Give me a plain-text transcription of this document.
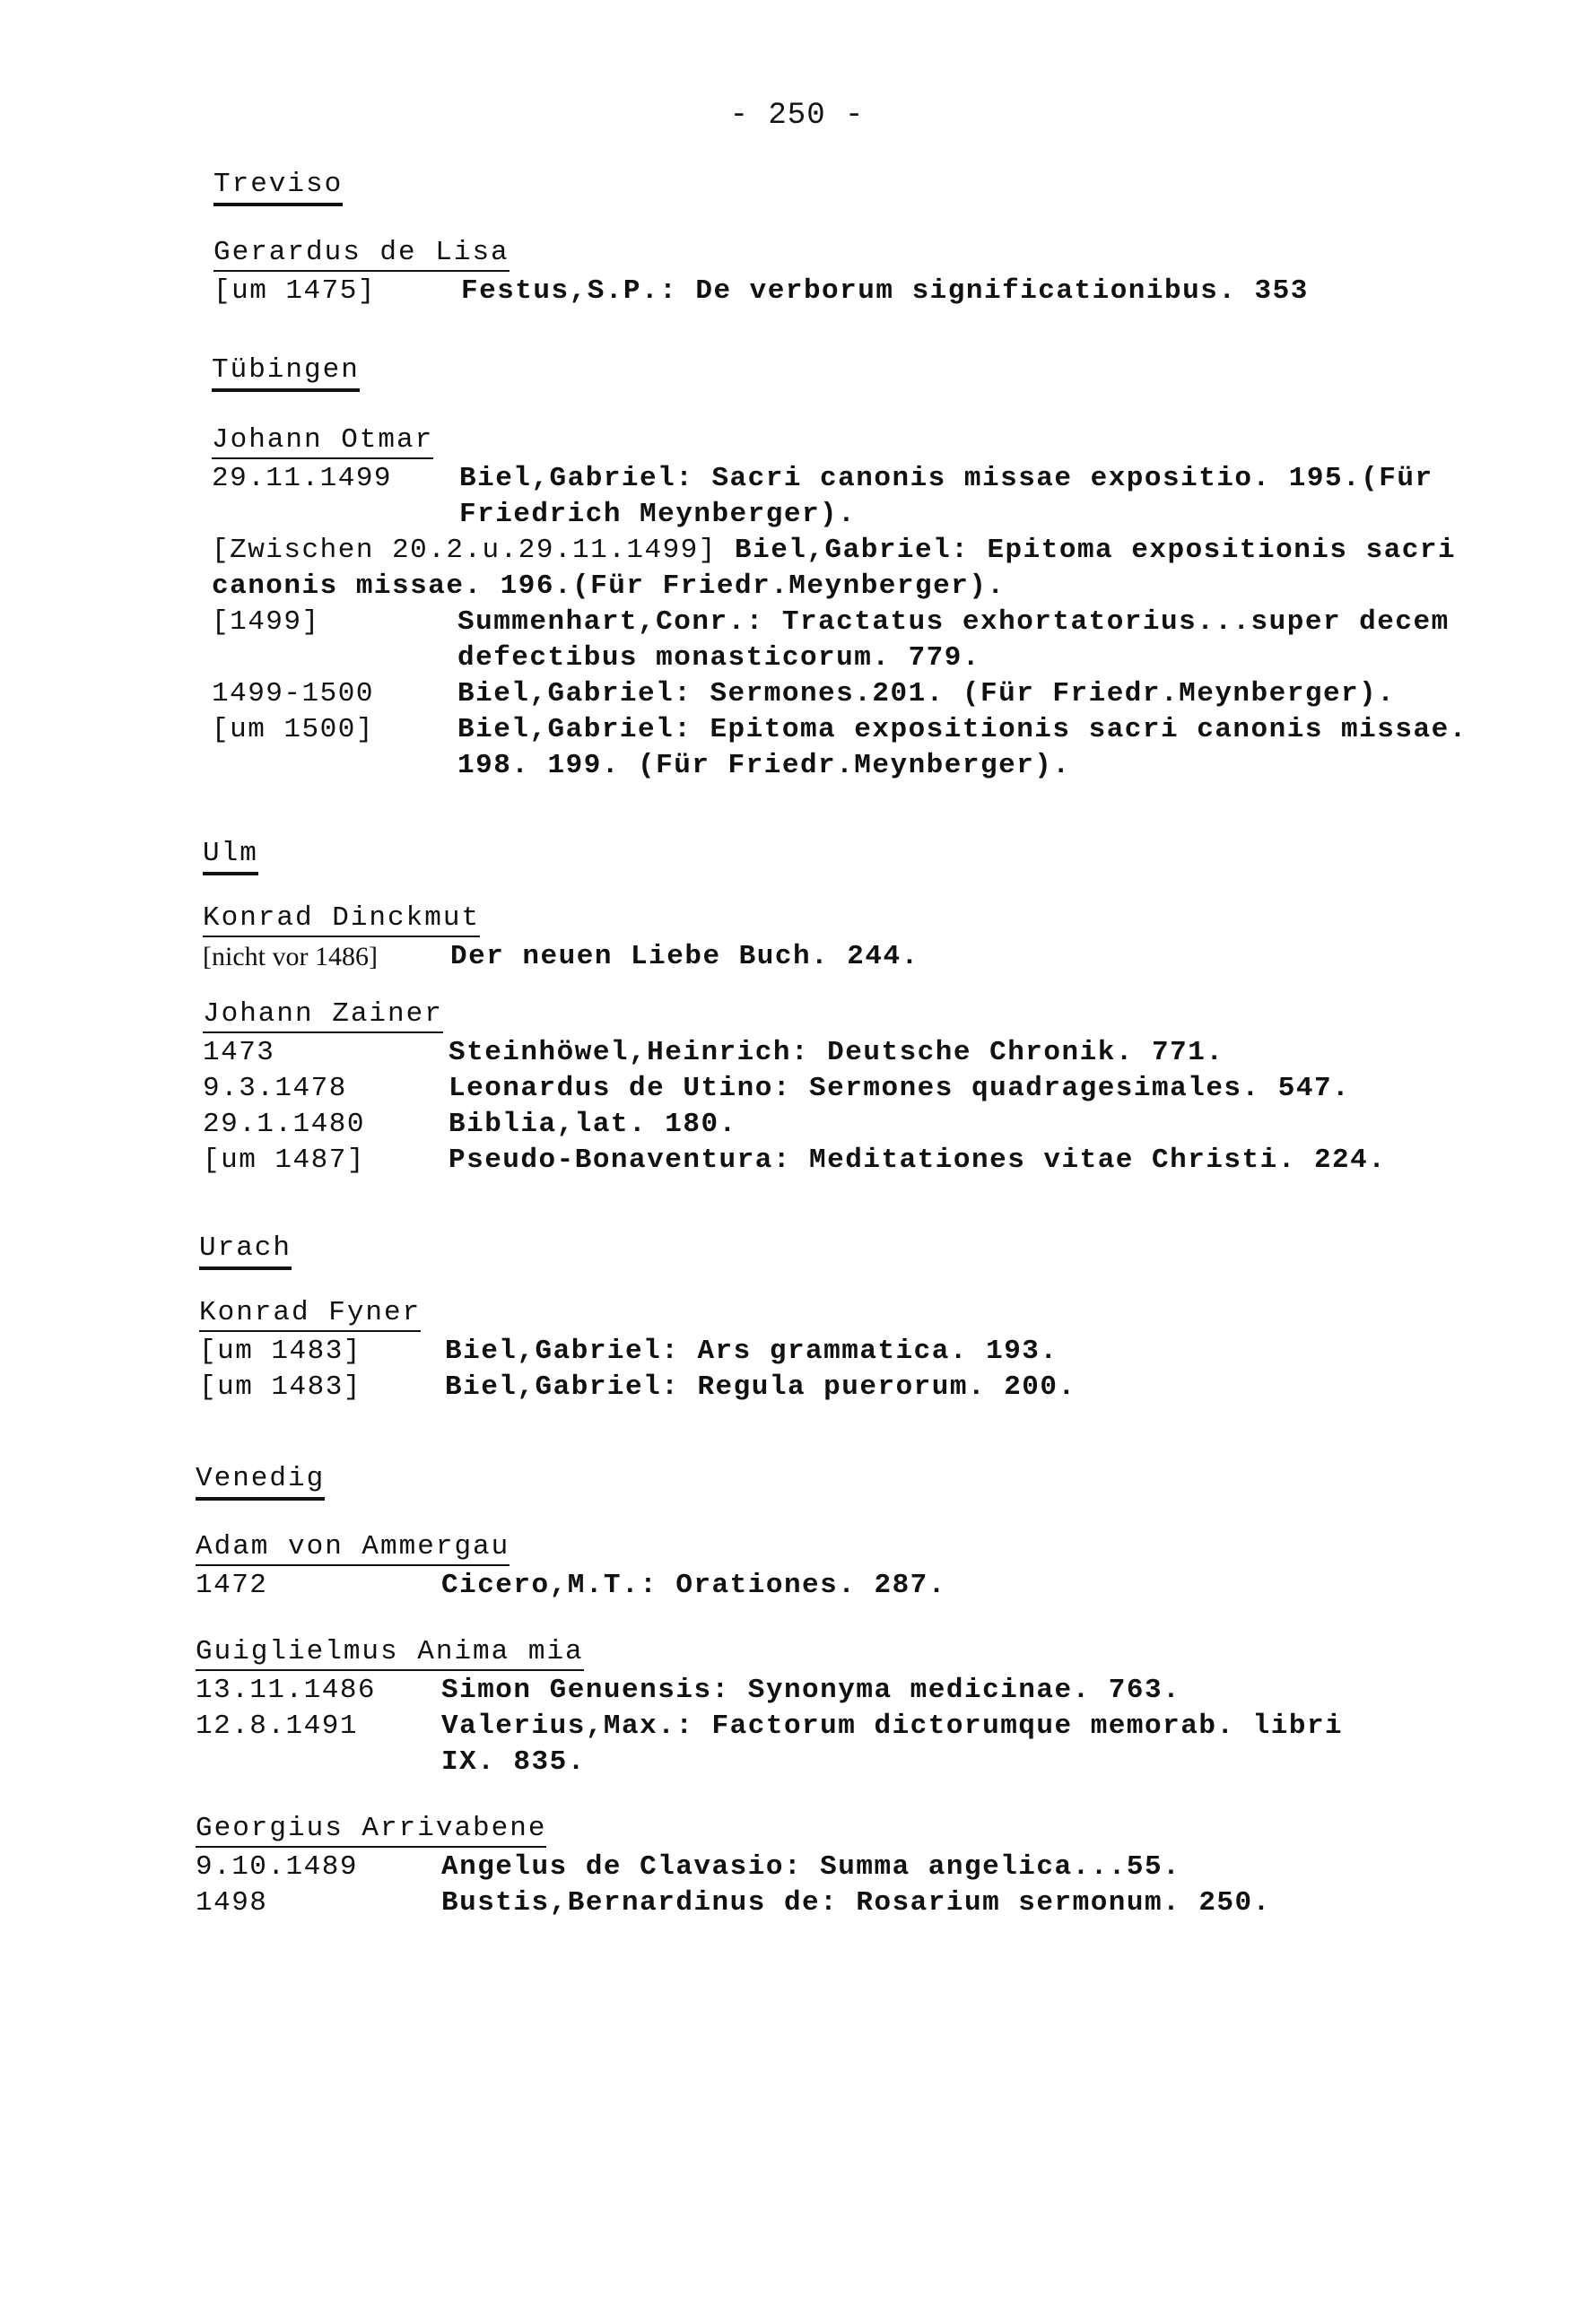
- 250 -
Treviso
Gerardus de Lisa
[um 1475]	Festus,S.P.: De verborum significationibus. 353
Tübingen
Johann Otmar
29.11.1499 Biel,Gabriel: Sacri canonis missae expositio. 195.(Für Friedrich Meynberger).
[Zwischen 20.2.u.29.11.1499] Biel,Gabriel: Epitoma expositionis sacri canonis missae. 196.(Für Friedr.Meynberger).
[1499]	Summenhart,Conr.: Tractatus exhortatorius...super decem defectibus monasticorum. 779.
1499-1500	Biel,Gabriel: Sermones.201. (Für Friedr.Meynberger).
[um 1500]	Biel,Gabriel: Epitoma expositionis sacri canonis missae. 198. 199. (Für Friedr.Meynberger).
Ulm
Konrad Dinckmut
[nicht vor 1486]	Der neuen Liebe Buch. 244.
Johann Zainer
1473	Steinhöwel,Heinrich: Deutsche Chronik. 771.
9.3.1478	Leonardus de Utino: Sermones quadragesimales. 547.
29.1.1480	Biblia,lat. 180.
[um 1487]	Pseudo-Bonaventura: Meditationes vitae Christi. 224.
Urach
Konrad Fyner
[um 1483]	Biel,Gabriel: Ars grammatica. 193.
[um 1483]	Biel,Gabriel: Regula puerorum. 200.
Venedig
Adam von Ammergau
1472	Cicero,M.T.: Orationes. 287.
Guiglielmus Anima mia
13.11.1486 Simon Genuensis: Synonyma medicinae. 763.
12.8.1491	Valerius,Max.: Factorum dictorumque memorab. libri IX. 835.
Georgius Arrivabene
9.10.1489	Angelus de Clavasio: Summa angelica...55.
1498	Bustis,Bernardinus de: Rosarium sermonum. 250.
